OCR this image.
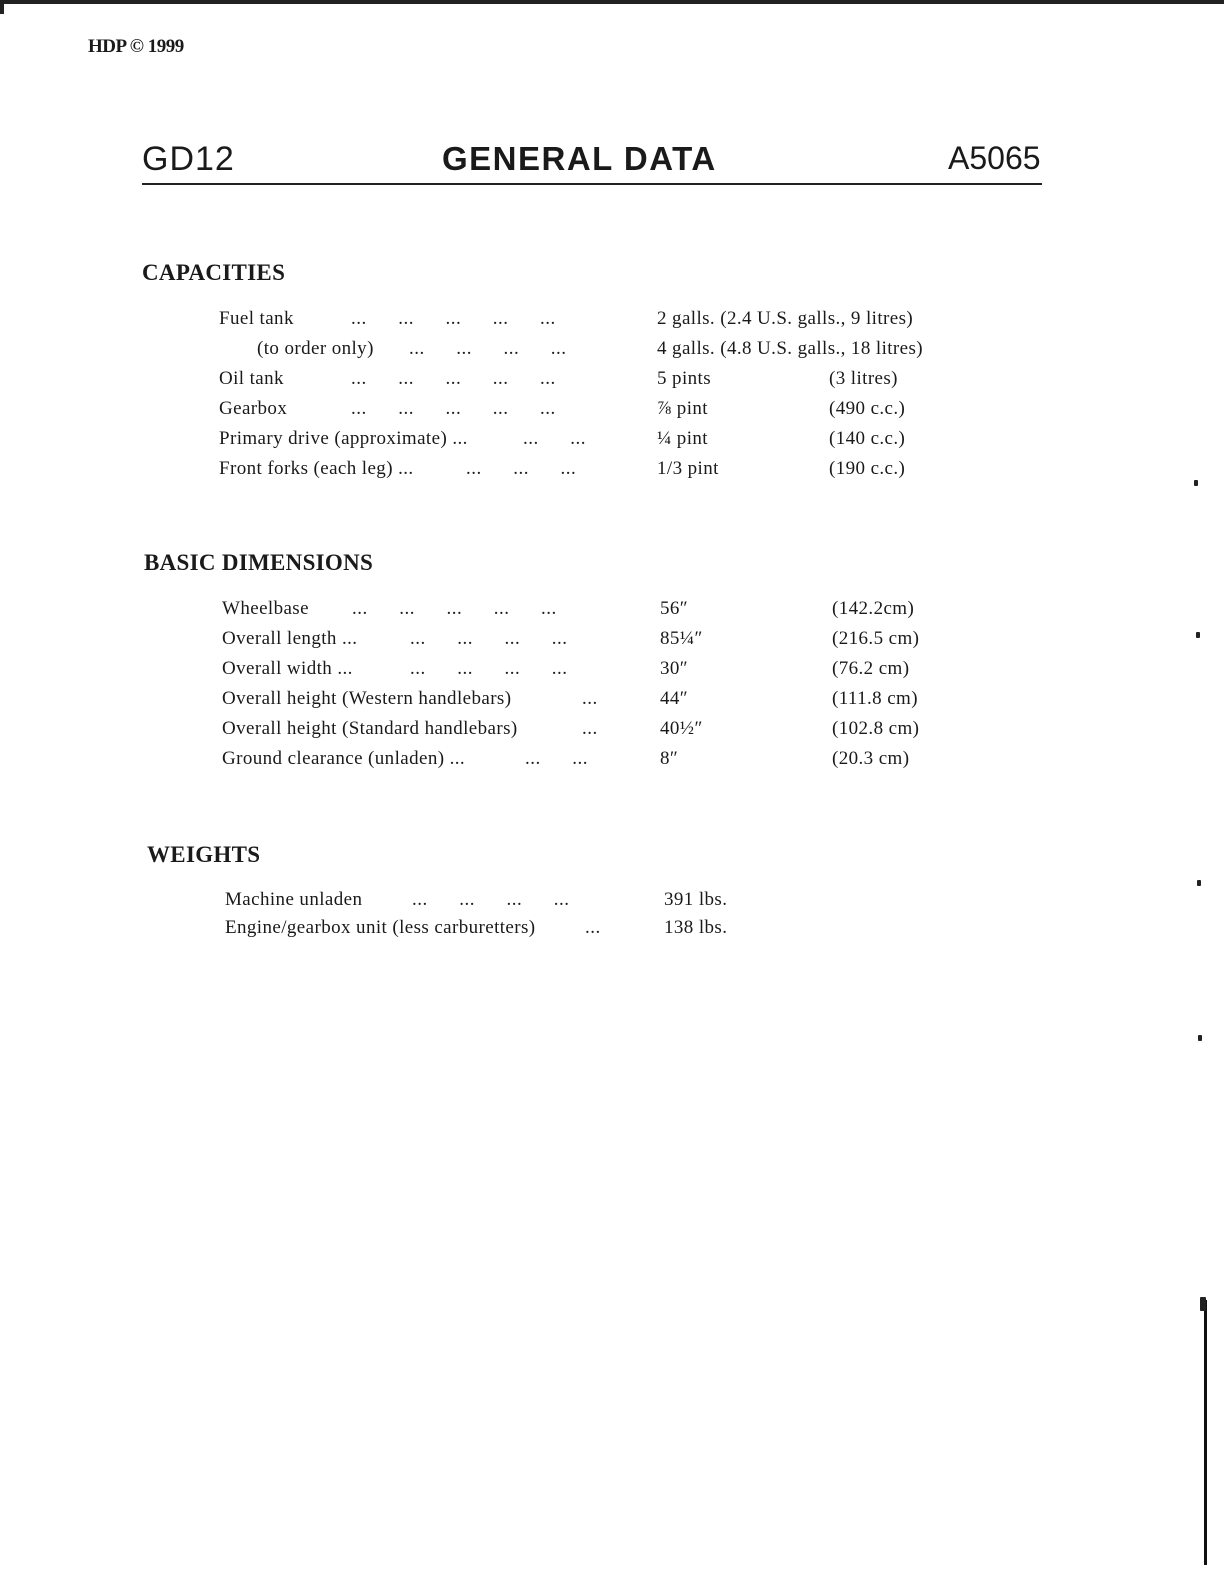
HDP © 1999
GD12	GENERAL DATA	A5065
CAPACITIES
Fuel tank	...      ...      ...      ...      ...	2 galls. (2.4 U.S. galls., 9 litres)
(to order only) ...      ...      ...      ...	4 galls. (4.8 U.S. galls., 18 litres)
Oil tank	...      ...      ...      ...      ...	5 pints	(3 litres)
Gearbox	...      ...      ...      ...      ...	⅞ pint	(490 c.c.)
Primary drive (approximate) ...	...      ...	¼ pint	(140 c.c.)
Front forks (each leg) ...	...      ...      ...	1/3 pint	(190 c.c.)
BASIC DIMENSIONS
Wheelbase ...      ...      ...      ...      ...	56″	(142.2cm)
Overall length ...	...      ...      ...      ...	85¼″	(216.5 cm)
Overall width ...	...      ...      ...      ...	30″	(76.2 cm)
Overall height (Western handlebars)	...	44″	(111.8 cm)
Overall height (Standard handlebars)	...	40½″	(102.8 cm)
Ground clearance (unladen) ...	...      ...	8″	(20.3 cm)
WEIGHTS
Machine unladen	...      ...      ...      ...	391 lbs.
Engine/gearbox unit (less carburetters)	...	138 lbs.
